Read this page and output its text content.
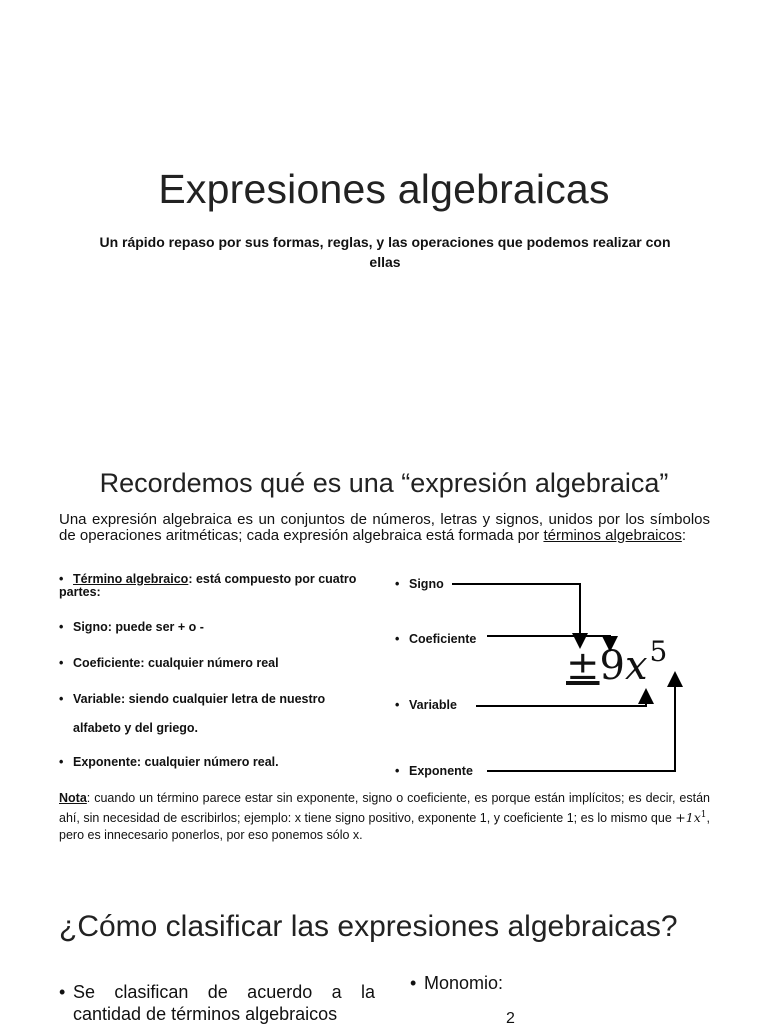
Expresiones algebraicas
Un rápido repaso por sus formas, reglas, y las operaciones que podemos realizar con ellas
Recordemos qué es una “expresión algebraica”
Una expresión algebraica es un conjuntos de números, letras y signos, unidos por los símbolos de operaciones aritméticas; cada expresión algebraica está formada por términos algebraicos:
• Término algebraico: está compuesto por cuatro partes:
• Signo: puede ser + o -
• Coeficiente: cualquier número real
• Variable: siendo cualquier letra de nuestro
alfabeto y del griego.
• Exponente: cualquier número real.
• Signo
• Coeficiente
• Variable
• Exponente
$\pm 9x^5$
Nota: cuando un término parece estar sin exponente, signo o coeficiente, es porque están implícitos; es decir, están ahí, sin necesidad de escribirlos; ejemplo: x tiene signo positivo, exponente 1, y coeficiente 1; es lo mismo que $+1x^1$, pero es innecesario ponerlos, por eso ponemos sólo x.
¿Cómo clasificar las expresiones algebraicas?
• Se clasifican de acuerdo a la cantidad de términos algebraicos
• Monomio:
2
